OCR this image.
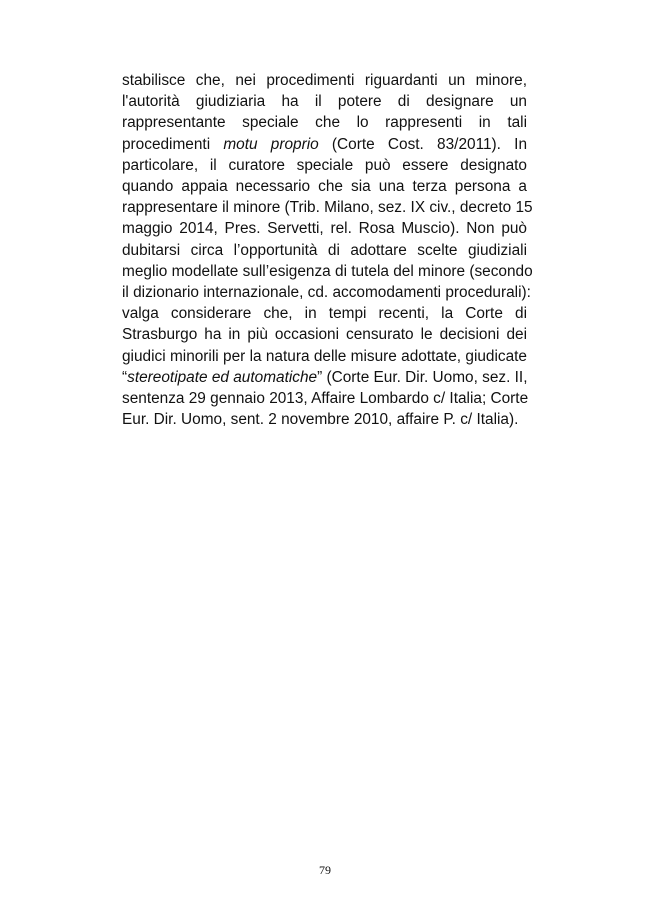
stabilisce che, nei procedimenti riguardanti un minore,
l'autorità giudiziaria ha il potere di designare un
rappresentante speciale che lo rappresenti in tali
procedimenti motu proprio (Corte Cost. 83/2011). In
particolare, il curatore speciale può essere designato
quando appaia necessario che sia una terza persona a
rappresentare il minore (Trib. Milano, sez. IX civ., decreto 15
maggio 2014, Pres. Servetti, rel. Rosa Muscio). Non può
dubitarsi circa l’opportunità di adottare scelte giudiziali
meglio modellate sull’esigenza di tutela del minore (secondo
il dizionario internazionale, cd. accomodamenti procedurali):
valga considerare che, in tempi recenti, la Corte di
Strasburgo ha in più occasioni censurato le decisioni dei
giudici minorili per la natura delle misure adottate, giudicate
“stereotipate ed automatiche” (Corte Eur. Dir. Uomo, sez. II,
sentenza 29 gennaio 2013, Affaire Lombardo c/ Italia; Corte
Eur. Dir. Uomo, sent. 2 novembre 2010, affaire P. c/ Italia).
79
